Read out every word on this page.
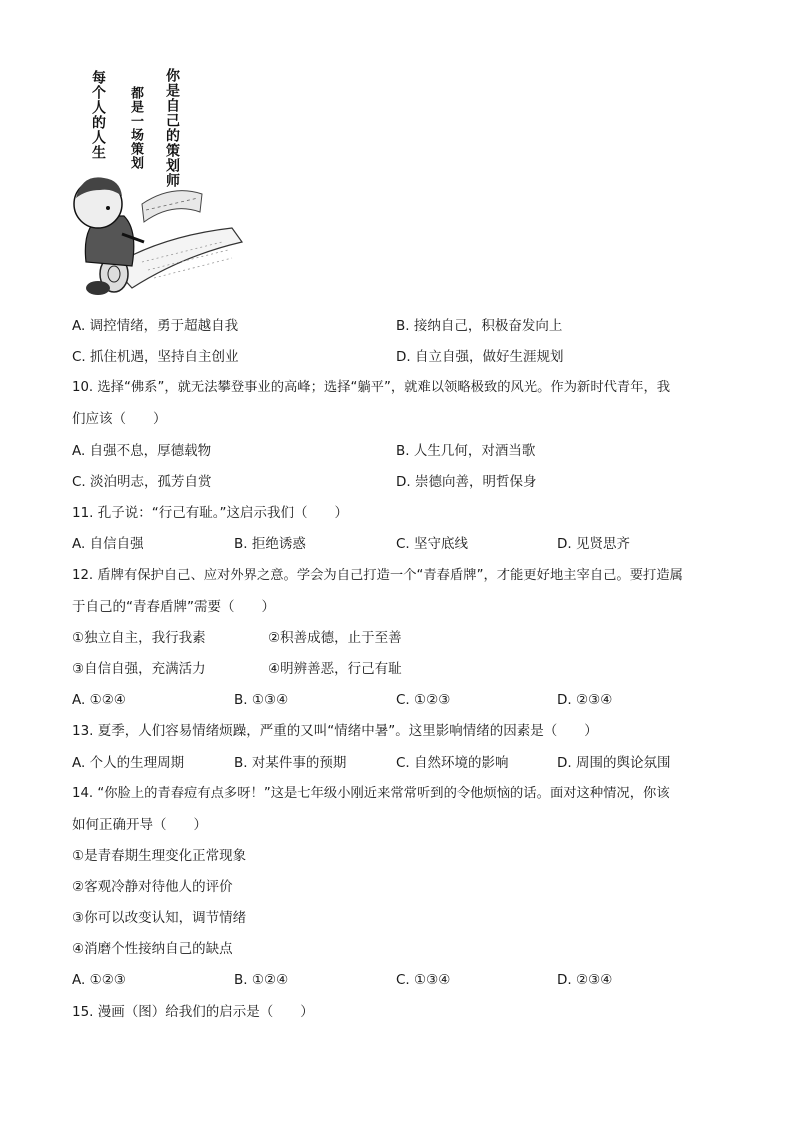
每个人的人生 都是一场策划 你是自己的策划师
A. 调控情绪，勇于超越自我	B. 接纳自己，积极奋发向上
C. 抓住机遇，坚持自主创业	D. 自立自强，做好生涯规划
10. 选择“佛系”，就无法攀登事业的高峰；选择“躺平”，就难以领略极致的风光。作为新时代青年，我
们应该（　　）
A. 自强不息，厚德载物	B. 人生几何，对酒当歌
C. 淡泊明志，孤芳自赏	D. 崇德向善，明哲保身
11. 孔子说：“行己有耻。”这启示我们（　　）
A. 自信自强	B. 拒绝诱惑	C. 坚守底线	D. 见贤思齐
12. 盾牌有保护自己、应对外界之意。学会为自己打造一个“青春盾牌”，才能更好地主宰自己。要打造属
于自己的“青春盾牌”需要（　　）
①独立自主，我行我素	②积善成德，止于至善
③自信自强，充满活力	④明辨善恶，行己有耻
A. ①②④	B. ①③④	C. ①②③	D. ②③④
13. 夏季，人们容易情绪烦躁，严重的又叫“情绪中暑”。这里影响情绪的因素是（　　）
A. 个人的生理周期	B. 对某件事的预期	C. 自然环境的影响	D. 周围的舆论氛围
14. “你脸上的青春痘有点多呀！”这是七年级小刚近来常常听到的令他烦恼的话。面对这种情况，你该
如何正确开导（　　）
①是青春期生理变化正常现象
②客观冷静对待他人的评价
③你可以改变认知，调节情绪
④消磨个性接纳自己的缺点
A. ①②③	B. ①②④	C. ①③④	D. ②③④
15. 漫画（图）给我们的启示是（　　）
